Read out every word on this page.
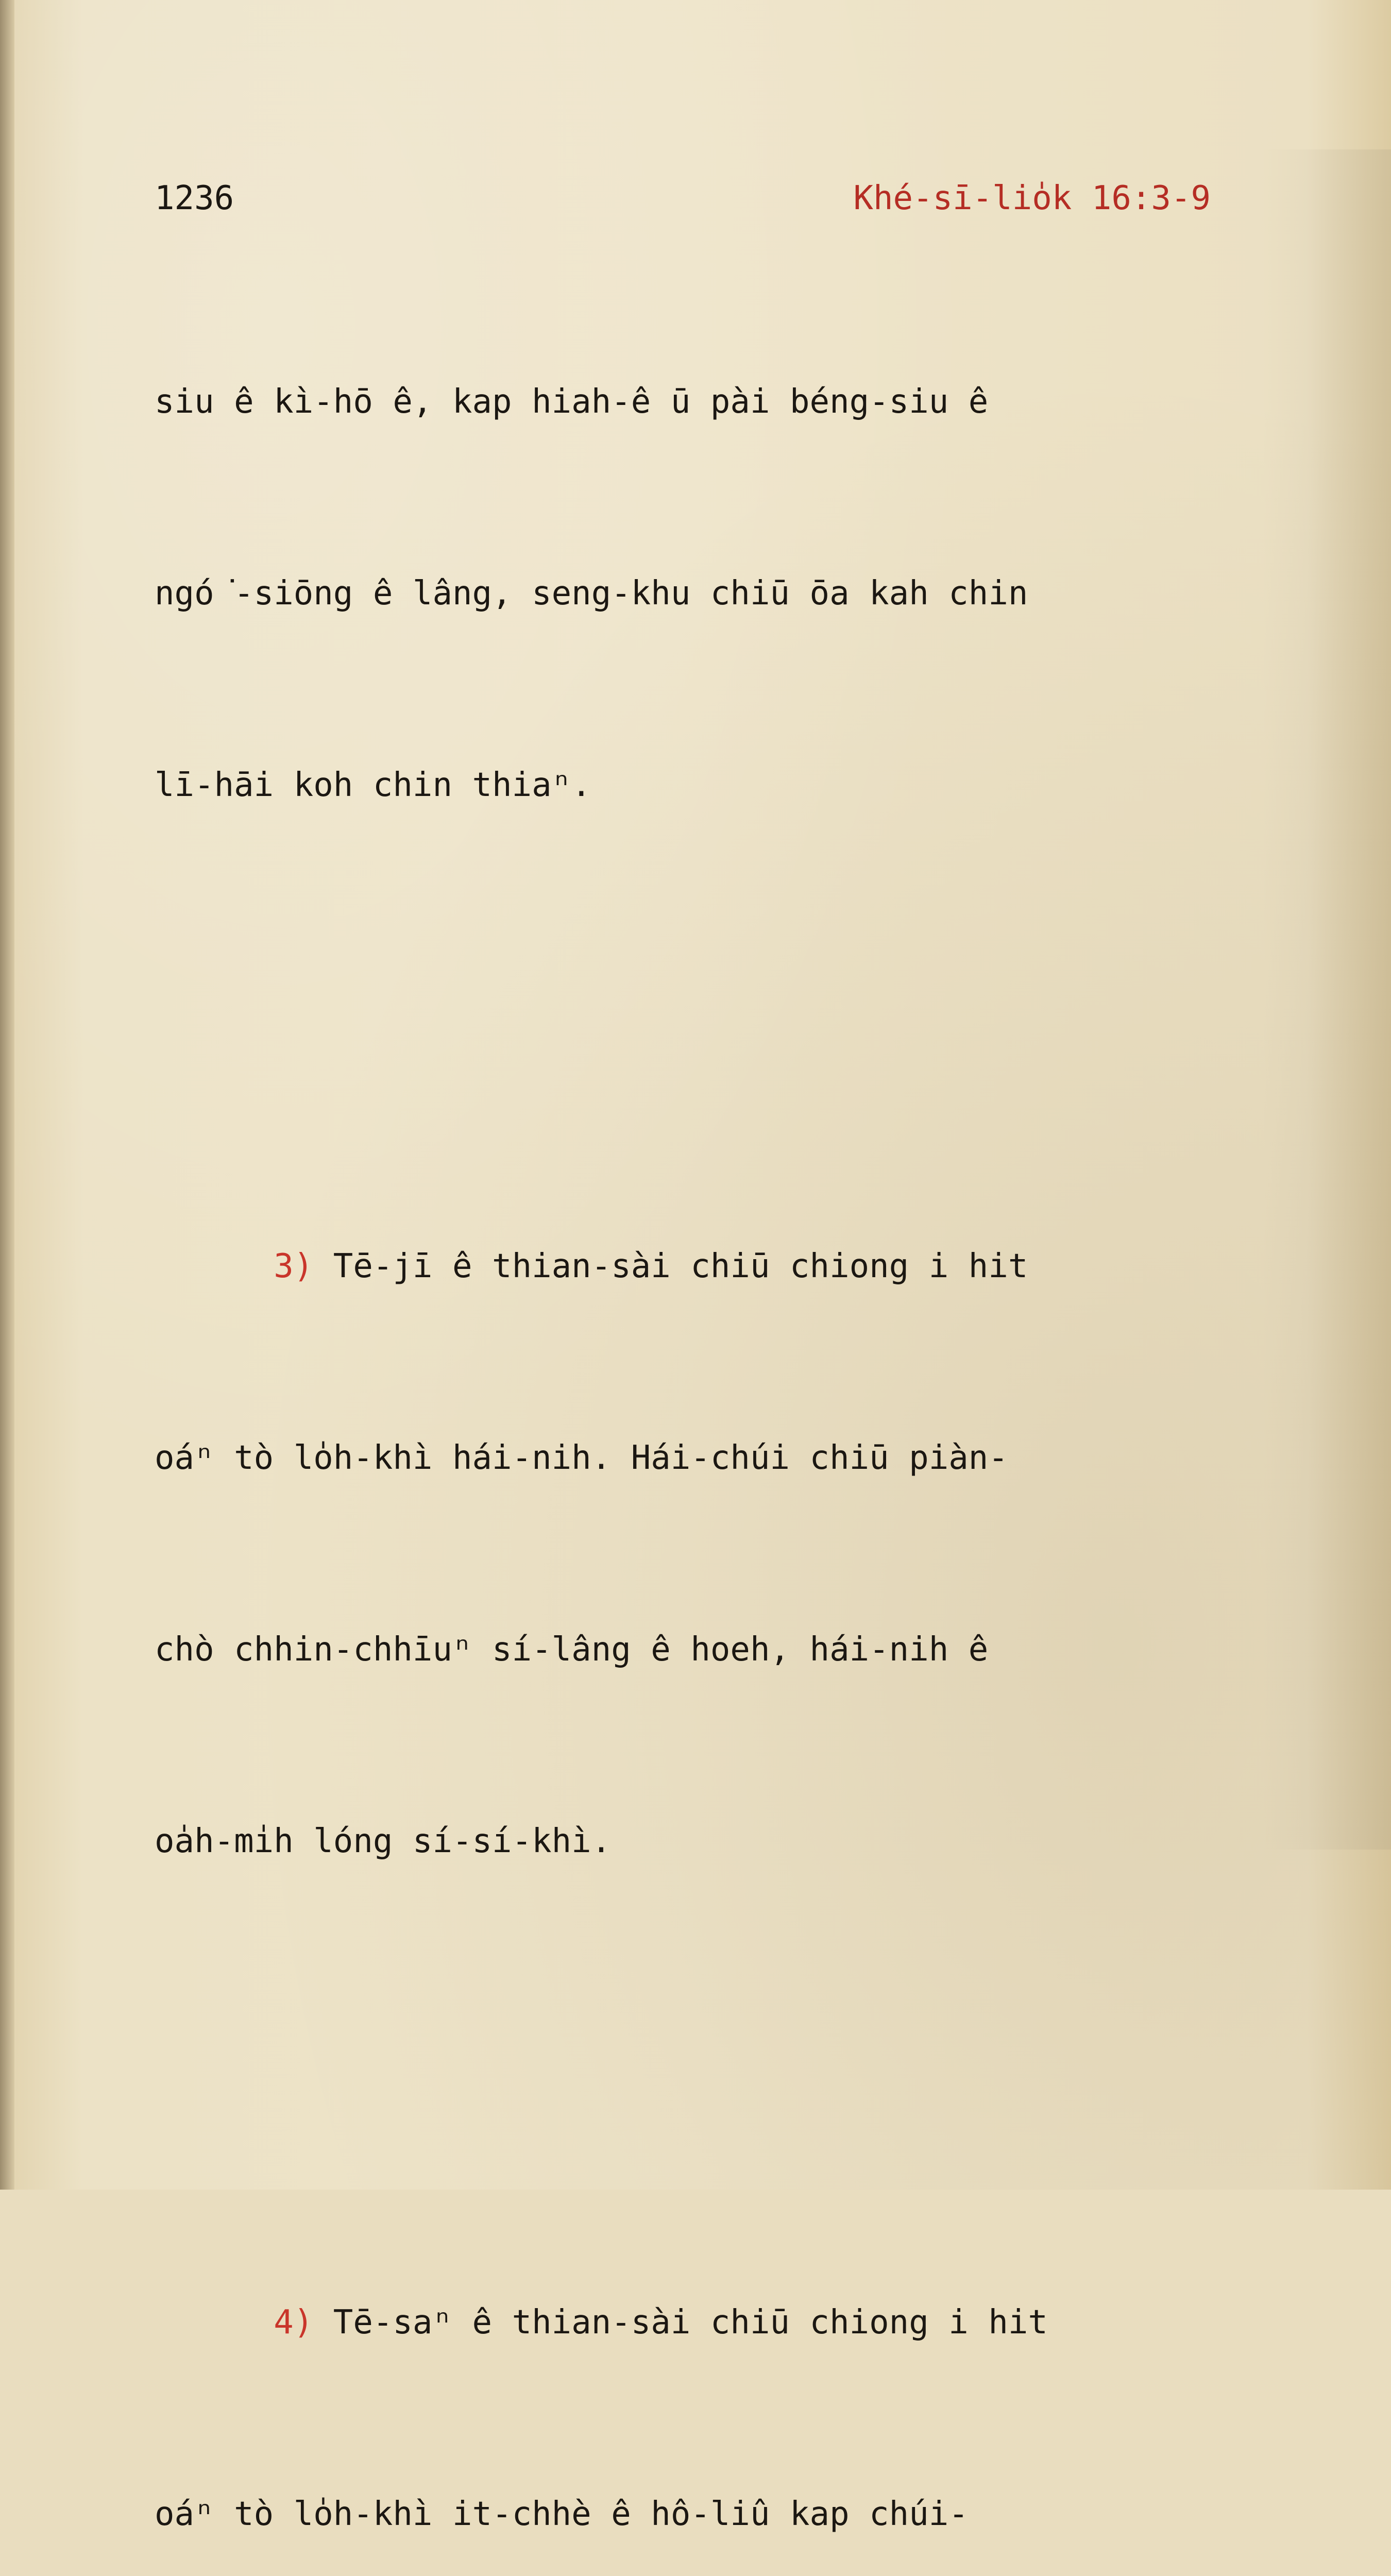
1236	Khé-sī-lio̍k 16:3-9

siu ê kì-hō ê, kap hiah-ê ū pài béng-siu ê

ngó͘-siōng ê lâng, seng-khu chiū ōa kah chin

lī-hāi koh chin thiaⁿ.

3) Tē-jī ê thian-sài chiū chiong i hit

oáⁿ tò lo̍h-khì hái-nih. Hái-chúi chiū piàn-

chò chhin-chhīuⁿ sí-lâng ê hoeh, hái-nih ê

oa̍h-mi̍h lóng sí-sí-khì.

4) Tē-saⁿ ê thian-sài chiū chiong i hit

oáⁿ tò lo̍h-khì it-chhè ê hô-liû kap chúi-
